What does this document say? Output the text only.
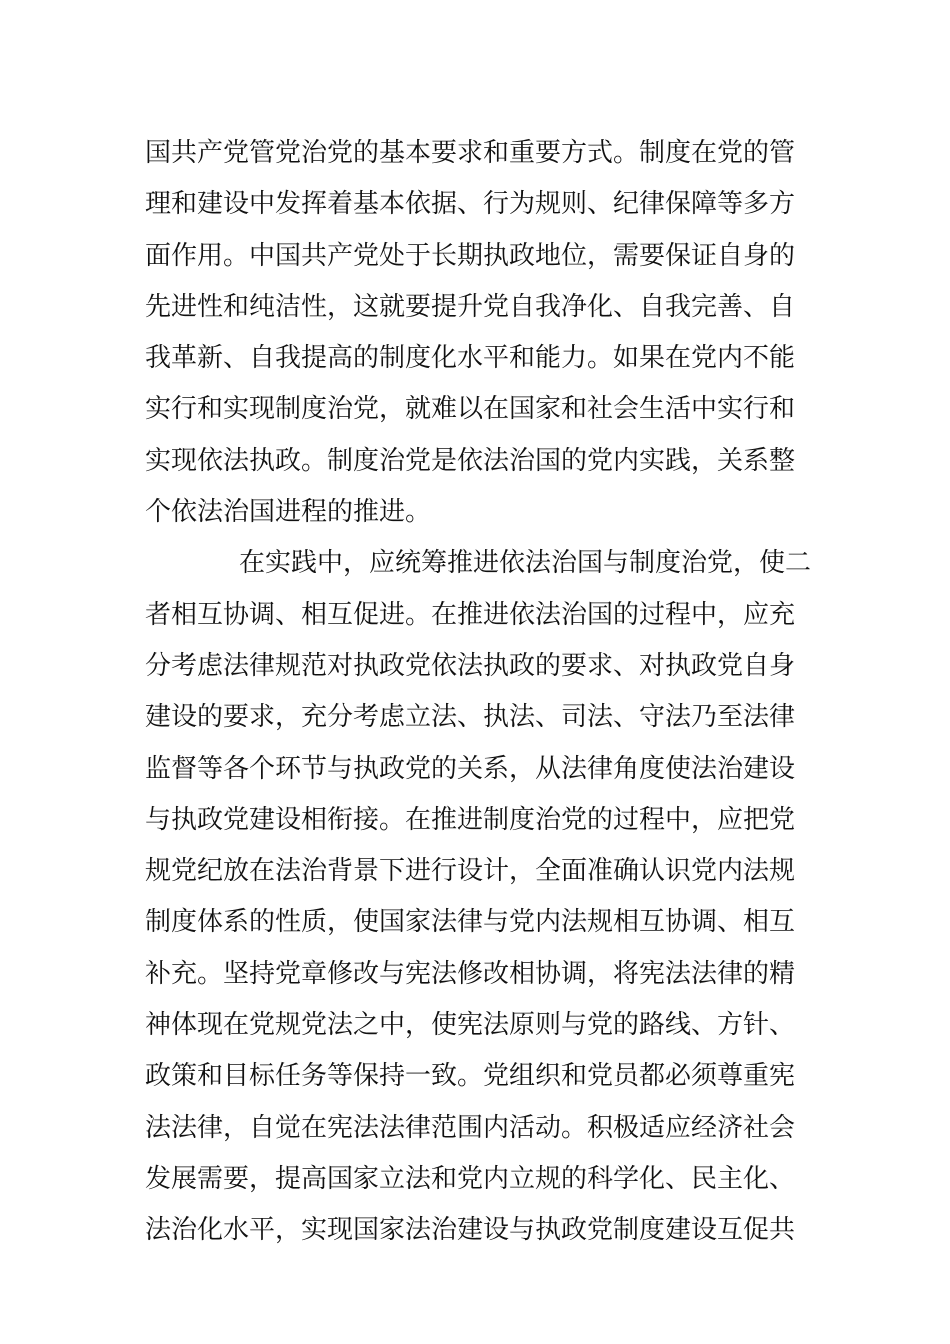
国共产党管党治党的基本要求和重要方式。制度在党的管
理和建设中发挥着基本依据、行为规则、纪律保障等多方
面作用。中国共产党处于长期执政地位，需要保证自身的
先进性和纯洁性，这就要提升党自我净化、自我完善、自
我革新、自我提高的制度化水平和能力。如果在党内不能
实行和实现制度治党，就难以在国家和社会生活中实行和
实现依法执政。制度治党是依法治国的党内实践，关系整
个依法治国进程的推进。
在实践中，应统筹推进依法治国与制度治党，使二
者相互协调、相互促进。在推进依法治国的过程中，应充
分考虑法律规范对执政党依法执政的要求、对执政党自身
建设的要求，充分考虑立法、执法、司法、守法乃至法律
监督等各个环节与执政党的关系，从法律角度使法治建设
与执政党建设相衔接。在推进制度治党的过程中，应把党
规党纪放在法治背景下进行设计，全面准确认识党内法规
制度体系的性质，使国家法律与党内法规相互协调、相互
补充。坚持党章修改与宪法修改相协调，将宪法法律的精
神体现在党规党法之中，使宪法原则与党的路线、方针、
政策和目标任务等保持一致。党组织和党员都必须尊重宪
法法律，自觉在宪法法律范围内活动。积极适应经济社会
发展需要，提高国家立法和党内立规的科学化、民主化、
法治化水平，实现国家法治建设与执政党制度建设互促共
